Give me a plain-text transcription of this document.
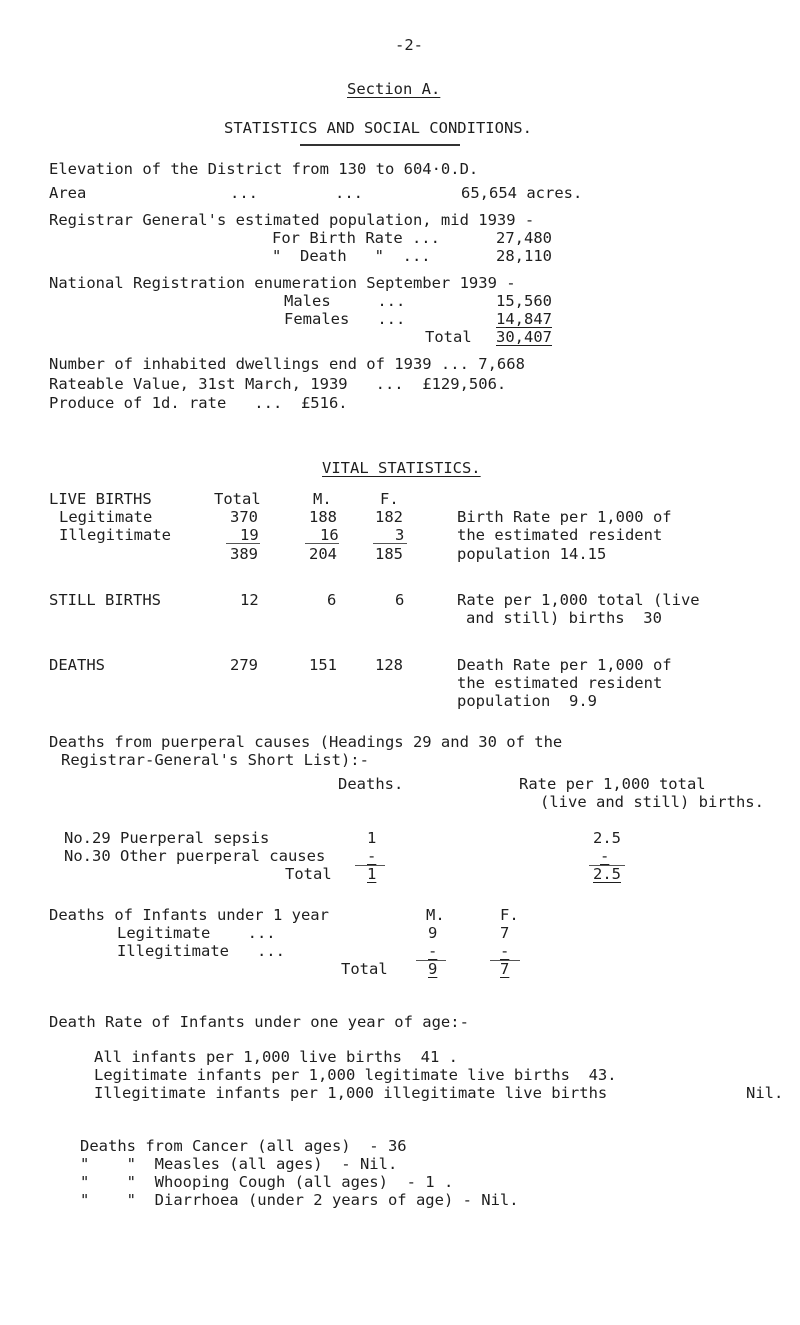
-2-
Section A.
STATISTICS AND SOCIAL CONDITIONS.
Elevation of the District from 130 to 604·0.D.
Area	...	...	65,654 acres.
Registrar General's estimated population, mid 1939 -
For Birth Rate ...	27,480
"  Death   "  ...	28,110
National Registration enumeration September 1939 -
Males     ...	15,560
Females   ...	14,847
Total 30,407
Number of inhabited dwellings end of 1939 ... 7,668
Rateable Value, 31st March, 1939   ...  £129,506.
Produce of 1d. rate   ...  £516.
VITAL STATISTICS.
LIVE BIRTHS	Total	M.	F.
Legitimate	370	188 182
Illegitimate	19	16	3
389	204 185
Birth Rate per 1,000 of
the estimated resident
population 14.15
STILL BIRTHS	12	6	6	Rate per 1,000 total (live
and still) births  30
DEATHS	279	151 128	Death Rate per 1,000 of
the estimated resident
population  9.9
Deaths from puerperal causes (Headings 29 and 30 of the
Registrar-General's Short List):-
Deaths.	Rate per 1,000 total
(live and still) births.
No.29 Puerperal sepsis	1	2.5
No.30 Other puerperal causes	-	-
Total 1	2.5
Deaths of Infants under 1 year	M.	F.
Legitimate    ...	9	7
Illegitimate   ...	-	-
Total	9	7
Death Rate of Infants under one year of age:-
All infants per 1,000 live births  41 .
Legitimate infants per 1,000 legitimate live births  43.
Illegitimate infants per 1,000 illegitimate live births	Nil.
Deaths from Cancer (all ages)  - 36
"    "  Measles (all ages)  - Nil.
"    "  Whooping Cough (all ages)  - 1 .
"    "  Diarrhoea (under 2 years of age) - Nil.
